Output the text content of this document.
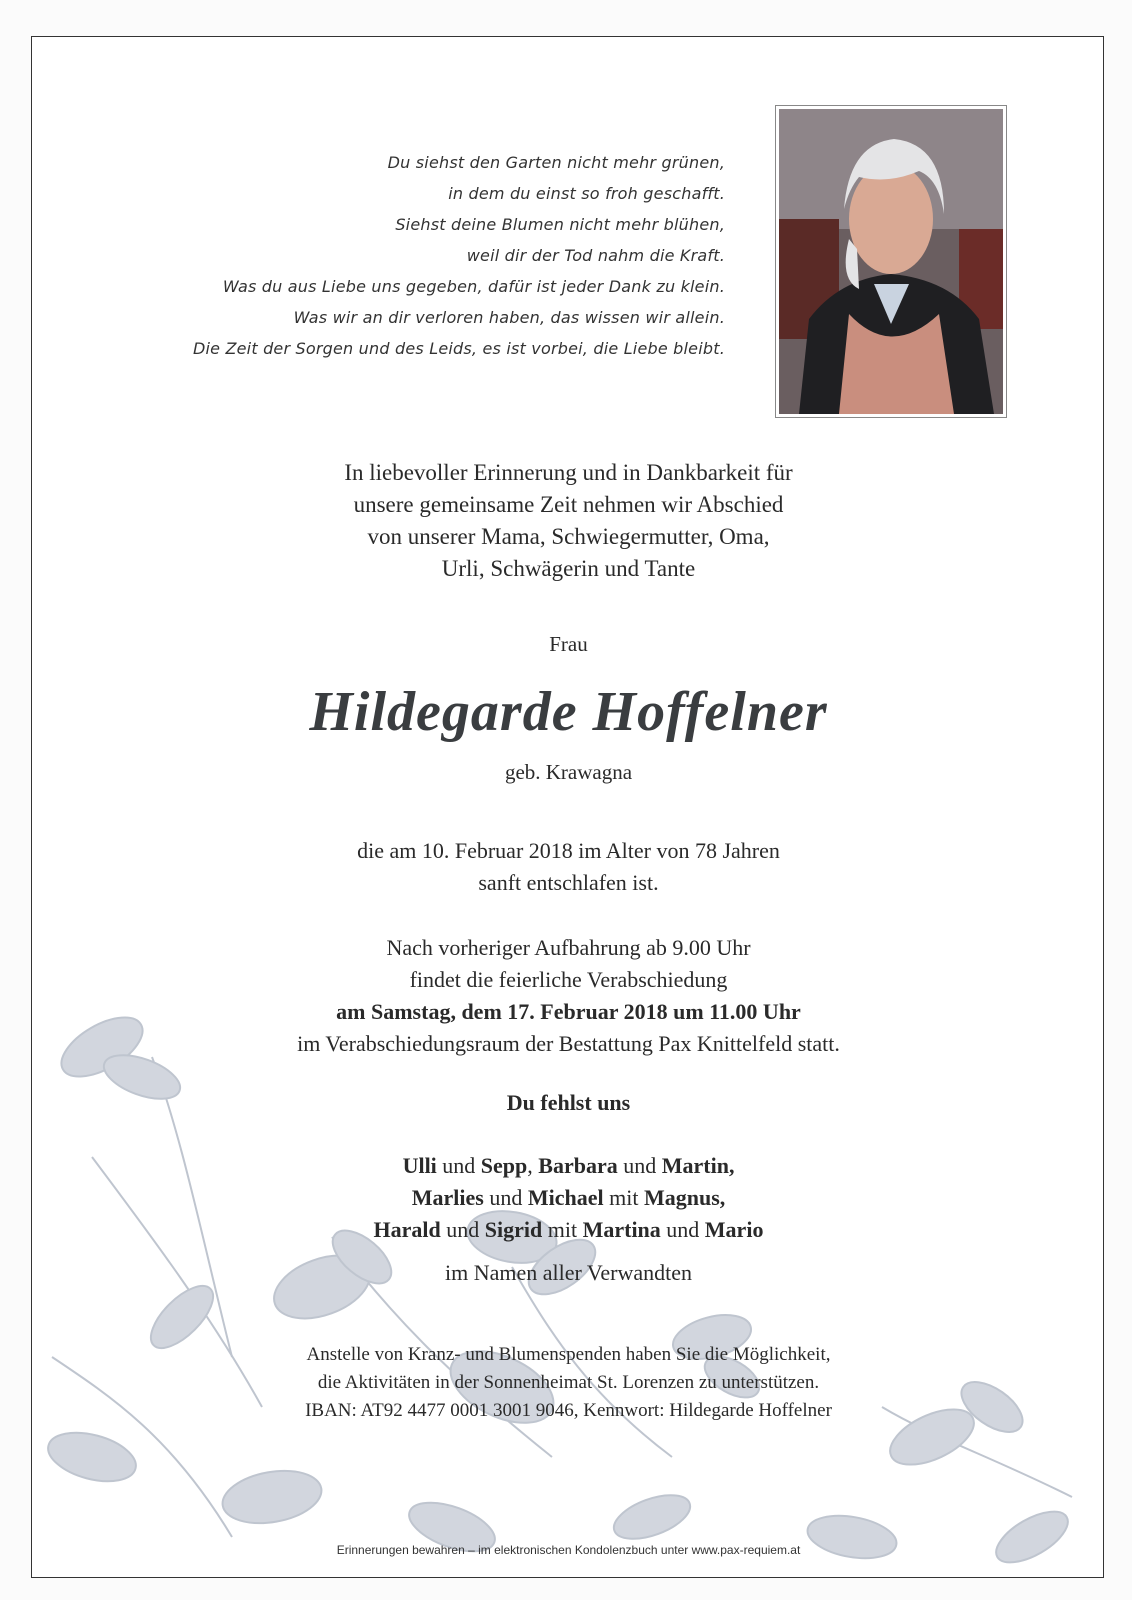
Du siehst den Garten nicht mehr grünen,
in dem du einst so froh geschafft.
Siehst deine Blumen nicht mehr blühen,
weil dir der Tod nahm die Kraft.
Was du aus Liebe uns gegeben, dafür ist jeder Dank zu klein.
Was wir an dir verloren haben, das wissen wir allein.
Die Zeit der Sorgen und des Leids, es ist vorbei, die Liebe bleibt.
In liebevoller Erinnerung und in Dankbarkeit für
unsere gemeinsame Zeit nehmen wir Abschied
von unserer Mama, Schwiegermutter, Oma,
Urli, Schwägerin und Tante
Frau
Hildegarde Hoffelner
geb. Krawagna
die am 10. Februar 2018 im Alter von 78 Jahren
sanft entschlafen ist.
Nach vorheriger Aufbahrung ab 9.00 Uhr
findet die feierliche Verabschiedung
am Samstag, dem 17. Februar 2018 um 11.00 Uhr
im Verabschiedungsraum der Bestattung Pax Knittelfeld statt.
Du fehlst uns
Ulli und Sepp, Barbara und Martin,
Marlies und Michael mit Magnus,
Harald und Sigrid mit Martina und Mario
im Namen aller Verwandten
Anstelle von Kranz- und Blumenspenden haben Sie die Möglichkeit,
die Aktivitäten in der Sonnenheimat St. Lorenzen zu unterstützen.
IBAN: AT92 4477 0001 3001 9046, Kennwort: Hildegarde Hoffelner
Erinnerungen bewahren – im elektronischen Kondolenzbuch unter www.pax-requiem.at
